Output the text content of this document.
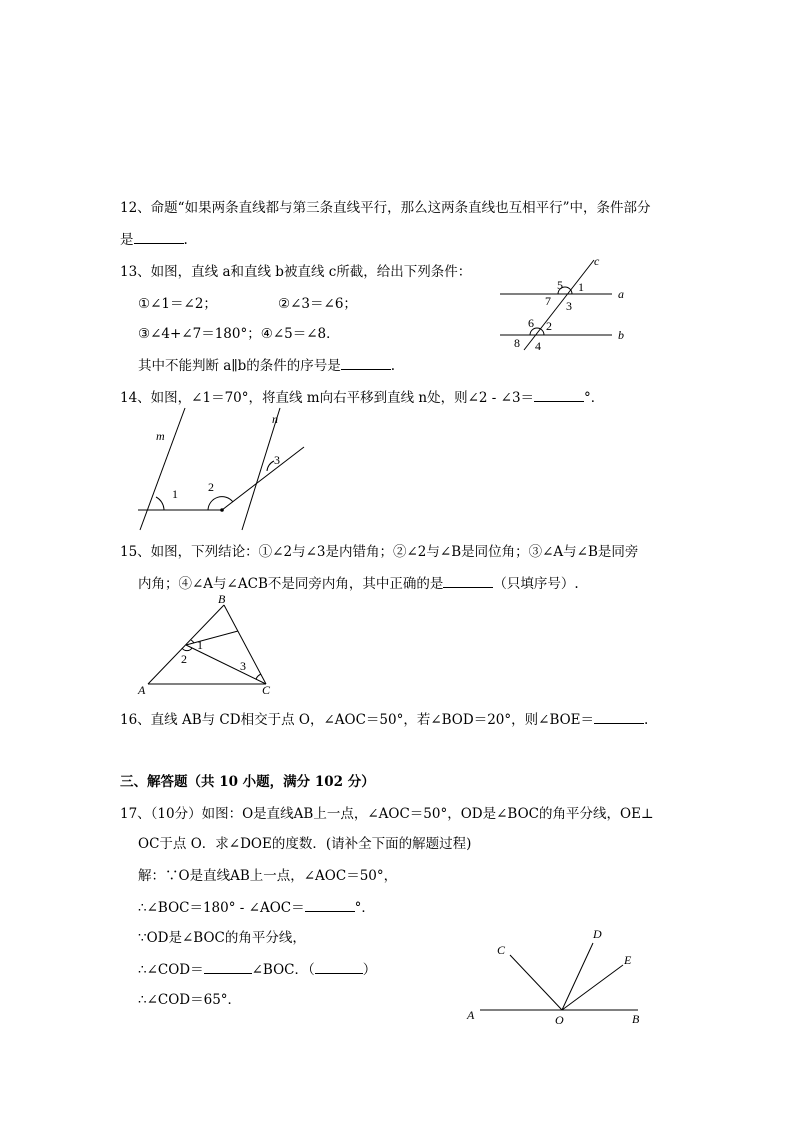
12、命题“如果两条直线都与第三条直线平行，那么这两条直线也互相平行”中，条件部分
是	.
13、如图，直线 a和直线 b被直线 c所截，给出下列条件：
①∠1＝∠2；	②∠3＝∠6；
③∠4+∠7＝180°；④∠5＝∠8．
其中不能判断 a∥b的条件的序号是	.
c
a
b
5 1
7 3
6 2
8 4
14、如图，∠1＝70°，将直线 m向右平移到直线 n处，则∠2 - ∠3＝	°．
m
n
1	2
3
15、如图，下列结论：①∠2与∠3是内错角；②∠2与∠B是同位角；③∠A与∠B是同旁
内角；④∠A与∠ACB不是同旁内角，其中正确的是	（只填序号）.
B
A	C
1
2	3
16、直线 AB与 CD相交于点 O，∠AOC＝50°，若∠BOD＝20°，则∠BOE＝	.
三、解答题（共 10 小题，满分 102 分）
17、（10分）如图：O是直线AB上一点，∠AOC＝50°，OD是∠BOC的角平分线，OE⊥
OC于点 O．求∠DOE的度数．(请补全下面的解题过程)
解：∵O是直线AB上一点，∠AOC＝50°，
∴∠BOC＝180° - ∠AOC＝	°．
∵OD是∠BOC的角平分线，
∴∠COD＝	∠BOC．（	）
∴∠COD＝65°．
A	B
O
C
D
E
